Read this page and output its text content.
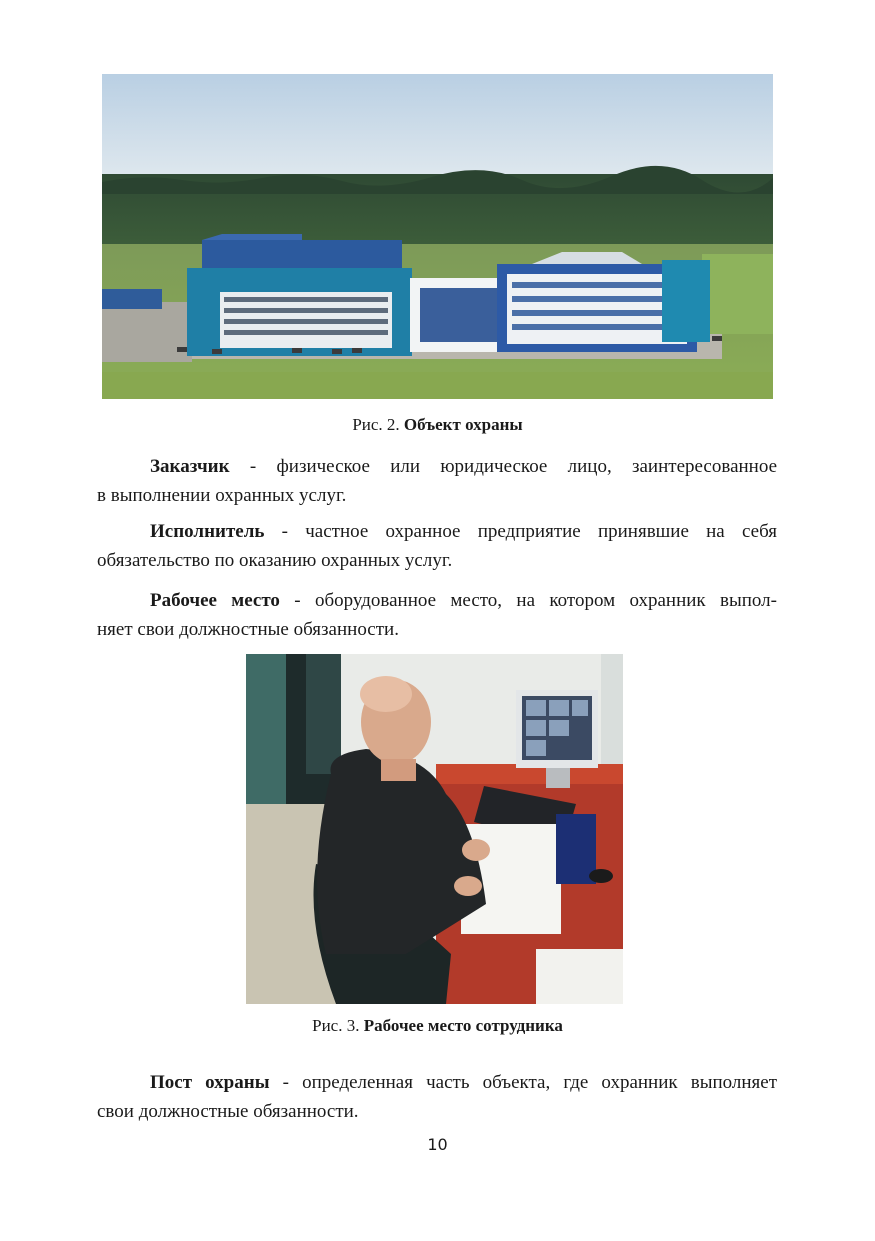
Рис. 2. Объект охраны

Заказчик - физическое или юридическое лицо, заинтересованное
в выполнении охранных услуг.

Исполнитель - частное охранное предприятие принявшие на себя
обязательство по оказанию охранных услуг.

Рабочее место - оборудованное место, на котором охранник выпол-
няет свои должностные обязанности.

Рис. 3. Рабочее место сотрудника

Пост охраны - определенная часть объекта, где охранник выполняет
свои должностные обязанности.

10
